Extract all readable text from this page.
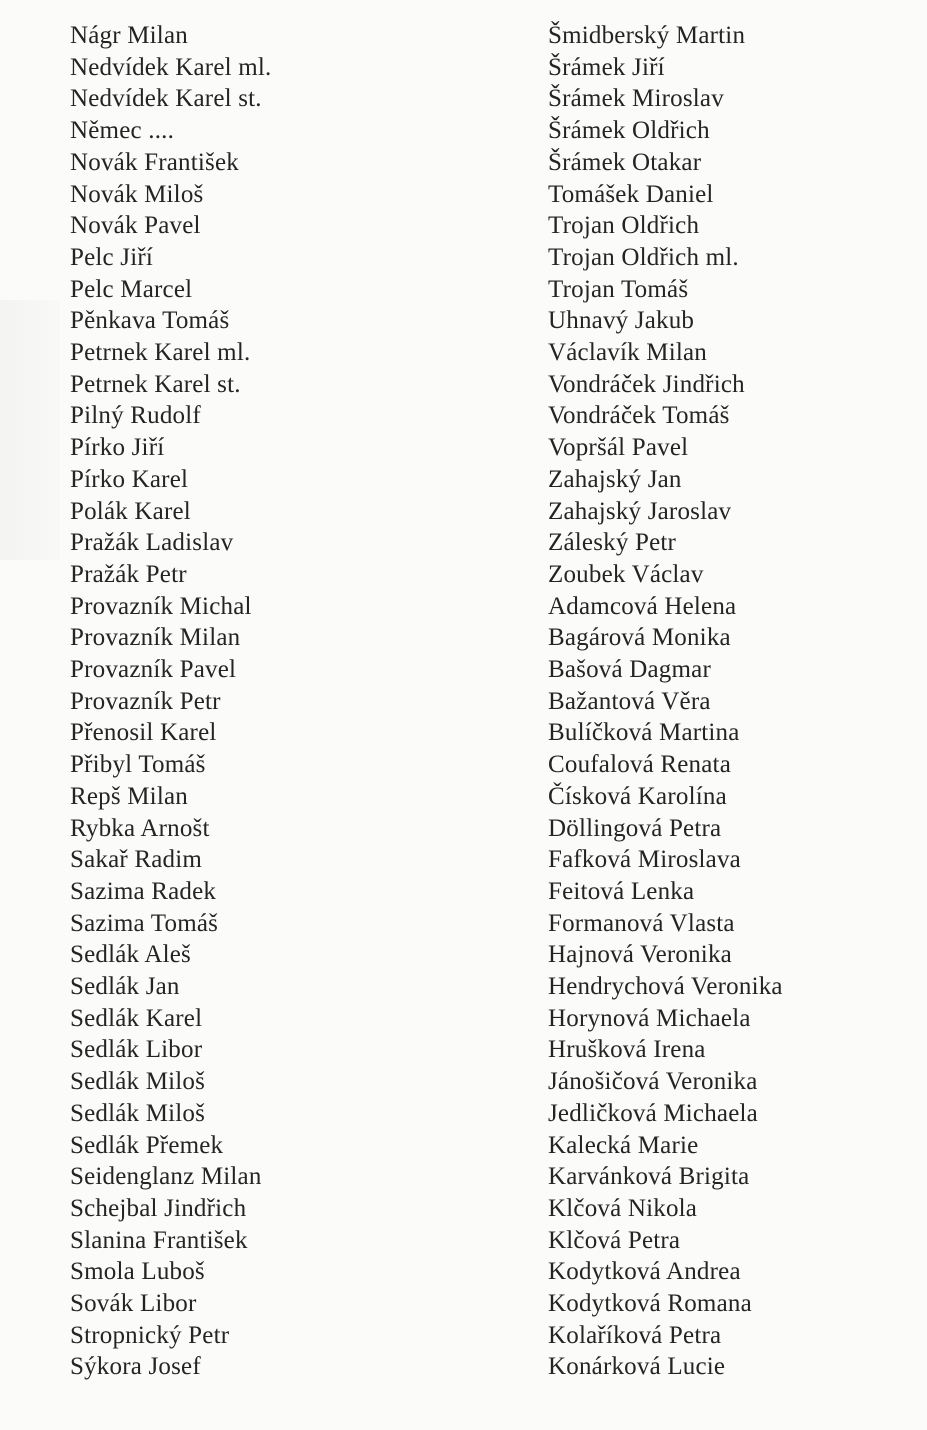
Nágr Milan
Nedvídek Karel ml.
Nedvídek Karel st.
Němec ....
Novák František
Novák Miloš
Novák Pavel
Pelc Jiří
Pelc Marcel
Pěnkava Tomáš
Petrnek Karel ml.
Petrnek Karel st.
Pilný Rudolf
Pírko Jiří
Pírko Karel
Polák Karel
Pražák Ladislav
Pražák Petr
Provazník Michal
Provazník Milan
Provazník Pavel
Provazník Petr
Přenosil Karel
Přibyl Tomáš
Repš Milan
Rybka Arnošt
Sakař Radim
Sazima Radek
Sazima Tomáš
Sedlák Aleš
Sedlák Jan
Sedlák Karel
Sedlák Libor
Sedlák Miloš
Sedlák Miloš
Sedlák Přemek
Seidenglanz Milan
Schejbal Jindřich
Slanina František
Smola Luboš
Sovák Libor
Stropnický Petr
Sýkora Josef
Šmidberský Martin
Šrámek Jiří
Šrámek Miroslav
Šrámek Oldřich
Šrámek Otakar
Tomášek Daniel
Trojan Oldřich
Trojan Oldřich ml.
Trojan Tomáš
Uhnavý Jakub
Václavík Milan
Vondráček Jindřich
Vondráček Tomáš
Vopršál Pavel
Zahajský Jan
Zahajský Jaroslav
Záleský Petr
Zoubek Václav
Adamcová Helena
Bagárová Monika
Bašová Dagmar
Bažantová Věra
Bulíčková Martina
Coufalová Renata
Čísková Karolína
Döllingová Petra
Fafková Miroslava
Feitová Lenka
Formanová Vlasta
Hajnová Veronika
Hendrychová Veronika
Horynová Michaela
Hrušková Irena
Jánošičová Veronika
Jedličková Michaela
Kalecká Marie
Karvánková Brigita
Klčová Nikola
Klčová Petra
Kodytková Andrea
Kodytková Romana
Kolaříková Petra
Konárková Lucie
